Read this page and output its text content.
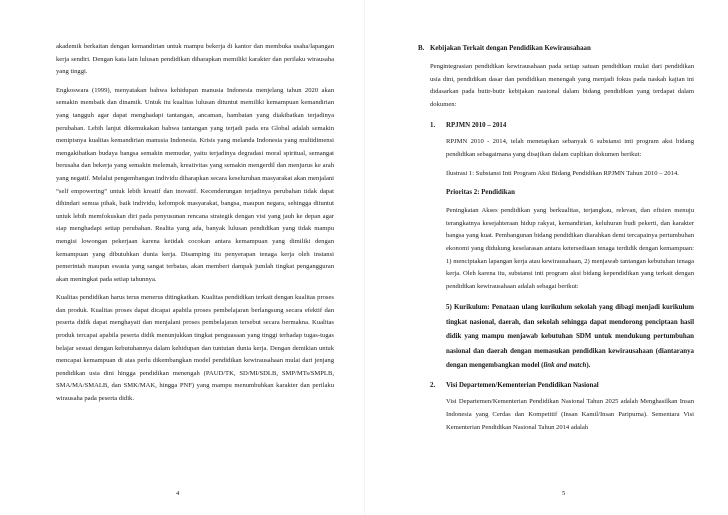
akademik berkaitan dengan kemandirian untuk mampu bekerja di kantor dan membuka usaha/lapangan kerja sendiri. Dengan kata lain lulusan pendidikan diharapkan memiliki karakter dan perilaku wirausaha yang tinggi.

Engkoswara (1999), menyatakan bahwa kehidupan manusia Indonesia menjelang tahun 2020 akan semakin membaik dan dinamik. Untuk itu kualitas lulusan dituntut memiliki kemampuan kemandirian yang tangguh agar dapat menghadapi tantangan, ancaman, hambatan yang diakibatkan terjadinya perubahan. Lebih lanjut dikemukakan bahwa tantangan yang terjadi pada era Global adalah semakin menipisnya kualitas kemandirian manusia Indonesia. Krisis yang melanda Indonesia yang multidimensi mengakibatkan budaya bangsa semakin memudar, yaitu terjadinya degradasi moral spiritual, semangat berusaha dan bekerja yang semakin melemah, kreativitas yang semakin mengerdil dan menjurus ke arah yang negatif. Melalui pengembangan individu diharapkan secara keseluruhan masyarakat akan menjalani “self empowering” untuk lebih kreatif dan inovatif. Kecenderungan terjadinya perubahan tidak dapat dihindari semua pihak, baik individu, kelompok masyarakat, bangsa, maupun negara, sehingga dituntut untuk lebih memfokuskan diri pada penyusunan rencana strategik dengan visi yang jauh ke depan agar siap menghadapi setiap perubahan. Realita yang ada, banyak lulusan pendidikan yang tidak mampu mengisi lowongan pekerjaan karena ketidak cocokan antara kemampuan yang dimiliki dengan kemampuan yang dibutuhkan dunia kerja. Disamping itu penyerapan tenaga kerja oleh instansi pemerintah maupun swasta yang sangat terbatas, akan memberi dampak jumlah tingkat pengangguran akan meningkat pada setiap tahunnya.

Kualitas pendidikan harus terus menerus ditingkatkan. Kualitas pendidikan terkait dengan kualitas proses dan produk. Kualitas proses dapat dicapai apabila proses pembelajaran berlangsung secara efektif dan peserta didik dapat menghayati dan menjalani proses pembelajaran tersebut secara bermakna. Kualitas produk tercapai apabila peserta didik menunjukkan tingkat penguasaan yang tinggi terhadap tugas-tugas belajar sesuai dengan kebutuhannya dalam kehidupan dan tuntutan dunia kerja. Dengan demikian untuk mencapai kemampuan di atas perlu dikembangkan model pendidikan kewirausahaan mulai dari jenjang pendidikan usia dini hingga pendidikan menengah (PAUD/TK, SD/MI/SDLB, SMP/MTs/SMPLB, SMA/MA/SMALB, dan SMK/MAK, hingga PNF) yang mampu menumbuhkan karakter dan perilaku wirausaha pada peserta didik.

4
B. Kebijakan Terkait dengan Pendidikan Kewirausahaan

Pengintegrasian pendidikan kewirausahaan pada setiap satuan pendidikan mulai dari pendidikan usia dini, pendidikan dasar dan pendidikan menengah yang menjadi fokus pada naskah kajian ini didasarkan pada butir-butir kebijakan nasional dalam bidang pendidikan yang terdapat dalam dokumen:

1.	RPJMN 2010 – 2014

RPJMN 2010 - 2014, telah menetapkan sebanyak 6 substansi inti program aksi bidang pendidikan sebagaimana yang disajikan dalam cuplikan dokumen berikut:

Ilustrasi 1: Substansi Inti Program Aksi Bidang Pendidikan RPJMN Tahun 2010 – 2014.

Prioritas 2: Pendidikan

Peningkatan Akses pendidikan yang berkualitas, terjangkau, relevan, dan efisien menuju terangkatnya kesejahteraan hidup rakyat, kemandirian, keluhuran budi pekerti, dan karakter bangsa yang kuat. Pembangunan bidang pendidikan diarahkan demi tercapainya pertumbuhan ekonomi yang didukung keselarasan antara ketersediaan tenaga terdidik dengan kemampuan: 1) menciptakan lapangan kerja atau kewirausahaan, 2) menjawab tantangan kebutuhan tenaga kerja. Oleh karena itu, substansi inti program aksi bidang kependidikan yang terkait dengan pendidikan kewirausahaan adalah sebagai berikut:

5) Kurikulum: Penataan ulang kurikulum sekolah yang dibagi menjadi kurikulum tingkat nasional, daerah, dan sekolah sehingga dapat mendorong penciptaan hasil didik yang mampu menjawab kebutuhan SDM untuk mendukung pertumbuhan nasional dan daerah dengan memasukan pendidikan kewirausahaan (diantaranya dengan mengembangkan model (link and match).

2.	Visi Departemen/Kementerian Pendidikan Nasional

Visi Departemen/Kementerian Pendidikan Nasional Tahun 2025 adalah Menghasilkan Insan Indonesia yang Cerdas dan Kompetitif (Insan Kamil/Insan Paripurna). Sementara Visi Kementerian Pendidikan Nasional Tahun 2014 adalah

5
